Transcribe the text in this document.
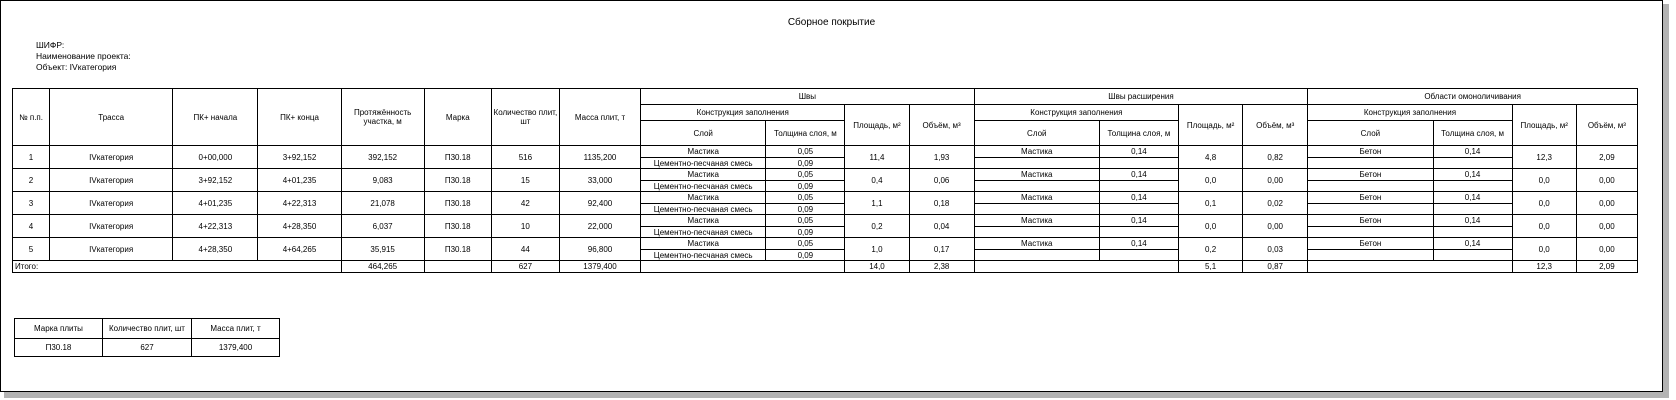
Сборное покрытие
ШИФР:
Наименование проекта:
Объект: IVкатегория
№ п.п.	Трасса	ПК+ начала	ПК+ конца	Протяжённость участка, м	Марка	Количество плит, шт	Масса плит, т	Швы				Швы расширения				Области омоноличивания			
								Конструкция заполнения		Площадь, м²	Объём, м³	Конструкция заполнения		Площадь, м²	Объём, м³	Конструкция заполнения		Площадь, м²	Объём, м³
								Слой	Толщина слоя, м			Слой	Толщина слоя, м			Слой	Толщина слоя, м		
1	IVкатегория	0+00,000	3+92,152	392,152	П30.18	516	1135,200	Мастика	0,05	11,4	1,93	Мастика	0,14	4,8	0,82	Бетон	0,14	12,3	2,09
								Цементно-песчаная смесь	0,09										
2	IVкатегория	3+92,152	4+01,235	9,083	П30.18	15	33,000	Мастика	0,05	0,4	0,06	Мастика	0,14	0,0	0,00	Бетон	0,14	0,0	0,00
								Цементно-песчаная смесь	0,09										
3	IVкатегория	4+01,235	4+22,313	21,078	П30.18	42	92,400	Мастика	0,05	1,1	0,18	Мастика	0,14	0,1	0,02	Бетон	0,14	0,0	0,00
								Цементно-песчаная смесь	0,09										
4	IVкатегория	4+22,313	4+28,350	6,037	П30.18	10	22,000	Мастика	0,05	0,2	0,04	Мастика	0,14	0,0	0,00	Бетон	0,14	0,0	0,00
								Цементно-песчаная смесь	0,09										
5	IVкатегория	4+28,350	4+64,265	35,915	П30.18	44	96,800	Мастика	0,05	1,0	0,17	Мастика	0,14	0,2	0,03	Бетон	0,14	0,0	0,00
								Цементно-песчаная смесь	0,09										
Итого:				464,265		627	1379,400			14,0	2,38			5,1	0,87			12,3	2,09
Марка плиты	Количество плит, шт	Масса плит, т
П30.18	627	1379,400
